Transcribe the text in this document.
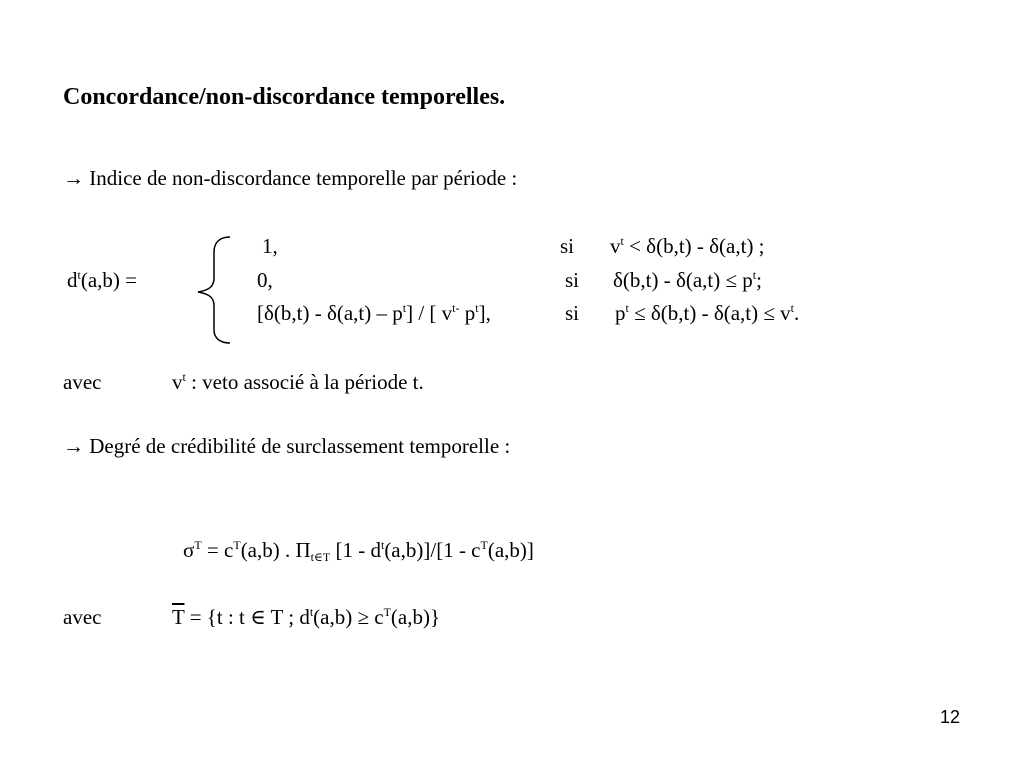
Concordance/non-discordance temporelles.
→ Indice de non-discordance temporelle par période :
$d^t(a,b)$ =
1,	si $v^t < \delta(b,t) - \delta(a,t)$ ;
0,	si $\delta(b,t) - \delta(a,t) \le p^t$;
$[\delta(b,t) - \delta(a,t) - p^t]$ / [ $v^{t-}$ $p^t$],	si $p^t \le \delta(b,t) - \delta(a,t) \le v^t$.
avec	$v^t$ : veto associé à la période t.
→ Degré de crédibilité de surclassement temporelle :
$\sigma^T = c^T(a,b)$ . $\Pi_{t\in T}$ $[1 - d^t(a,b)]/[1 - c^T(a,b)]$
avec	$\overline{T} = \{t$ : t ∈ T ; $d^t(a,b) \ge c^T(a,b)$}
12
